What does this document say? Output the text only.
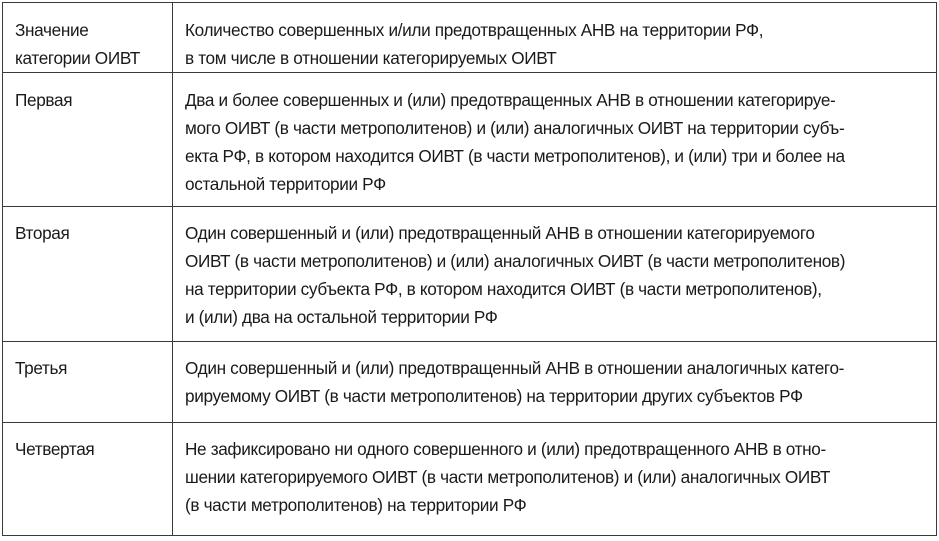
Значение
категории ОИВТ	Количество совершенных и/или предотвращенных АНВ на территории РФ,
в том числе в отношении категорируемых ОИВТ

Первая	Два и более совершенных и (или) предотвращенных АНВ в отношении категорируе-
мого ОИВТ (в части метрополитенов) и (или) аналогичных ОИВТ на территории субъ-
екта РФ, в котором находится ОИВТ (в части метрополитенов), и (или) три и более на
остальной территории РФ

Вторая	Один совершенный и (или) предотвращенный АНВ в отношении категорируемого
ОИВТ (в части метрополитенов) и (или) аналогичных ОИВТ (в части метрополитенов)
на территории субъекта РФ, в котором находится ОИВТ (в части метрополитенов),
и (или) два на остальной территории РФ

Третья	Один совершенный и (или) предотвращенный АНВ в отношении аналогичных катего-
рируемому ОИВТ (в части метрополитенов) на территории других субъектов РФ

Четвертая	Не зафиксировано ни одного совершенного и (или) предотвращенного АНВ в отно-
шении категорируемого ОИВТ (в части метрополитенов) и (или) аналогичных ОИВТ
(в части метрополитенов) на территории РФ
